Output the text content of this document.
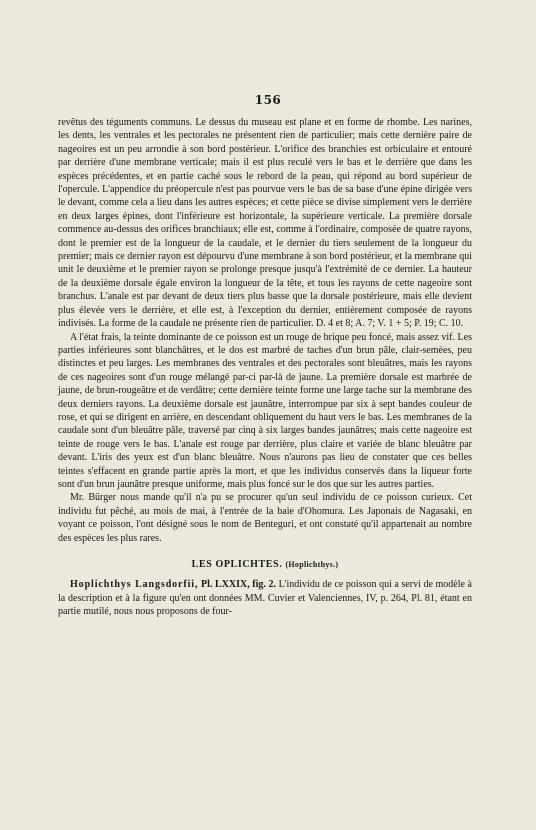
156

revêtus des téguments communs. Le dessus du museau est plane et en forme de rhombe. Les narines, les dents, les ventrales et les pectorales ne présentent rien de particulier; mais cette dernière paire de nageoires est un peu arrondie à son bord postérieur. L'orifice des branchies est orbiculaire et entouré par derrière d'une membrane verticale; mais il est plus reculé vers le bas et le derrière que dans les espèces précédentes, et en partie caché sous le rebord de la peau, qui répond au bord supérieur de l'opercule. L'appendice du préopercule n'est pas pourvue vers le bas de sa base d'une épine dirigée vers le devant, comme cela a lieu dans les autres espèces; et cette pièce se divise simplement vers le derrière en deux larges épines, dont l'inférieure est horizontale, la supérieure verticale. La première dorsale commence au-dessus des orifices branchiaux; elle est, comme à l'ordinaire, composée de quatre rayons, dont le premier est de la longueur de la caudale, et le dernier du tiers seulement de la longueur du premier; mais ce dernier rayon est dépourvu d'une membrane à son bord postérieur, et la membrane qui unit le deuxième et le premier rayon se prolonge presque jusqu'à l'extrémité de ce dernier. La hauteur de la deuxième dorsale égale environ la longueur de la tête, et tous les rayons de cette nageoire sont branchus. L'anale est par devant de deux tiers plus basse que la dorsale postérieure, mais elle devient plus élevée vers le derrière, et elle est, à l'exception du dernier, entièrement composée de rayons indivisés. La forme de la caudale ne présente rien de particulier. D. 4 et 8; A. 7; V. 1 + 5; P. 19; C. 10.

A l'état frais, la teinte dominante de ce poisson est un rouge de brique peu foncé, mais assez vif. Les parties inférieures sont blanchâtres, et le dos est marbré de taches d'un brun pâle, clair-semées, peu distinctes et peu larges. Les membranes des ventrales et des pectorales sont bleuâtres, mais les rayons de ces nageoires sont d'un rouge mélangé par-ci par-là de jaune. La première dorsale est marbrée de jaune, de brun-rougeâtre et de verdâtre; cette dernière teinte forme une large tache sur la membrane des deux derniers rayons. La deuxième dorsale est jaunâtre, interrompue par six à sept bandes couleur de rose, et qui se dirigent en arrière, en descendant obliquement du haut vers le bas. Les membranes de la caudale sont d'un bleuâtre pâle, traversé par cinq à six larges bandes jaunâtres; mais cette nageoire est teinte de rouge vers le bas. L'anale est rouge par derrière, plus claire et variée de blanc bleuâtre par devant. L'iris des yeux est d'un blanc bleuâtre. Nous n'aurons pas lieu de constater que ces belles teintes s'effacent en grande partie après la mort, et que les individus conservés dans la liqueur forte sont d'un brun jaunâtre presque uniforme, mais plus foncé sur le dos que sur les autres parties.

Mr. Bürger nous mande qu'il n'a pu se procurer qu'un seul individu de ce poisson curieux. Cet individu fut pêché, au mois de mai, à l'entrée de la baie d'Ohomura. Les Japonais de Nagasaki, en voyant ce poisson, l'ont désigné sous le nom de Benteguri, et ont constaté qu'il appartenait au nombre des espèces les plus rares.

LES OPLICHTES. (Hoplichthys.)

Hoplichthys Langsdorfii, Pl. LXXIX, fig. 2. L'individu de ce poisson qui a servi de modèle à la description et à la figure qu'en ont données MM. Cuvier et Valenciennes, IV, p. 264, Pl. 81, étant en partie mutilé, nous nous proposons de four-
